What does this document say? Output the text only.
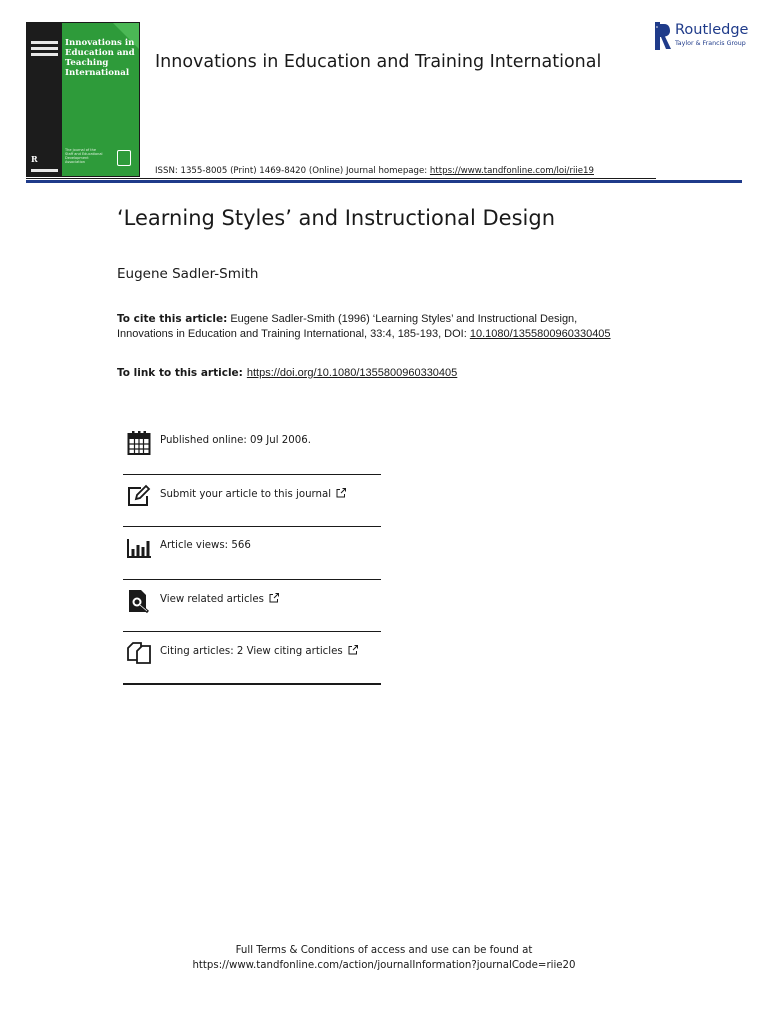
R
Innovations in Education and Teaching International
The journal of the Staff and Educational Development Association
Innovations in Education and Training International
R Routledge
Taylor & Francis Group
ISSN: 1355-8005 (Print) 1469-8420 (Online) Journal homepage: https://www.tandfonline.com/loi/riie19
‘Learning Styles’ and Instructional Design
Eugene Sadler-Smith
To cite this article: Eugene Sadler-Smith (1996) ‘Learning Styles’ and Instructional Design, Innovations in Education and Training International, 33:4, 185-193, DOI: 10.1080/1355800960330405
To link to this article: https://doi.org/10.1080/1355800960330405
Published online: 09 Jul 2006.
Submit your article to this journal
Article views: 566
View related articles
Citing articles: 2 View citing articles
Full Terms & Conditions of access and use can be found at
https://www.tandfonline.com/action/journalInformation?journalCode=riie20
